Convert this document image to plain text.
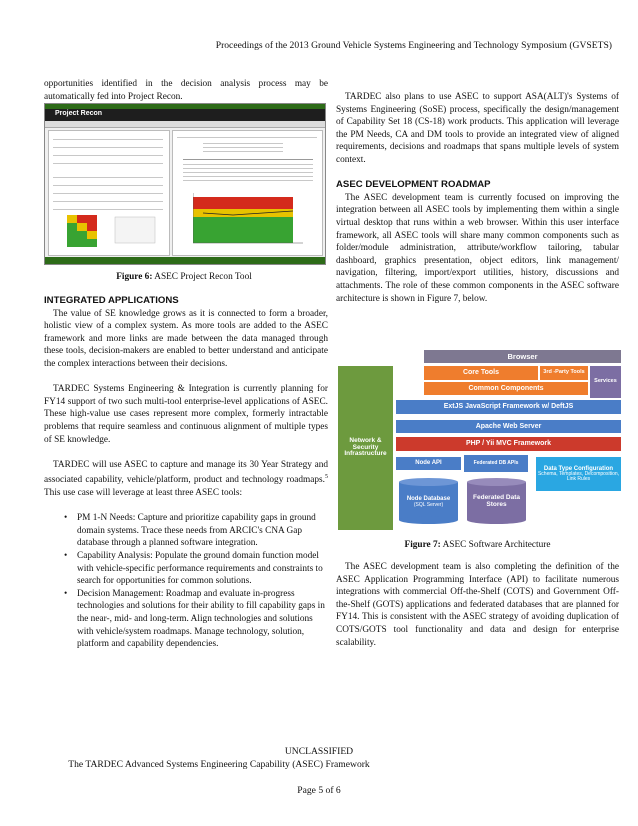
Proceedings of the 2013 Ground Vehicle Systems Engineering and Technology Symposium (GVSETS)

opportunities identified in the decision analysis process may be automatically fed into Project Recon.

Project Recon
Figure 6: ASEC Project Recon Tool

INTEGRATED APPLICATIONS

The value of SE knowledge grows as it is connected to form a broader, holistic view of a complex system. As more tools are added to the ASEC framework and more links are made between the data managed through these tools, decision-makers are enabled to better understand and anticipate the complex interactions between their decisions.

TARDEC Systems Engineering & Integration is currently planning for FY14 support of two such multi-tool enterprise-level applications of ASEC. These high-value use cases represent more complex, formerly intractable problems that require seamless and continuous alignment of multiple types of SE knowledge.

TARDEC will use ASEC to capture and manage its 30 Year Strategy and associated capability, vehicle/platform, product and technology roadmaps.$^5$ This use case will leverage at least three ASEC tools:

• PM 1-N Needs: Capture and prioritize capability gaps in ground domain systems. Trace these needs from ARCIC's CNA Gap database through a planned software integration.
• Capability Analysis: Populate the ground domain function model with vehicle-specific performance requirements and constraints to search for opportunities for common solutions.
• Decision Management: Roadmap and evaluate in-progress technologies and solutions for their ability to fill capability gaps in the near-, mid- and long-term. Align technologies and solutions with vehicle/system roadmaps. Manage technology, solution, platform and capability dependencies.

TARDEC also plans to use ASEC to support ASA(ALT)'s Systems of Systems Engineering (SoSE) process, specifically the design/management of Capability Set 18 (CS-18) work products. This application will leverage the PM Needs, CA and DM tools to provide an integrated view of aligned requirements, decisions and roadmaps that spans multiple levels of system context.

ASEC DEVELOPMENT ROADMAP

The ASEC development team is currently focused on improving the integration between all ASEC tools by implementing them within a single virtual desktop that runs within a web browser. Within this user interface framework, all ASEC tools will share many common components such as folder/module administration, attribute/workflow tailoring, tabular dashboard, graphics presentation, object editors, link management/ navigation, filtering, import/export utilities, history, discussions and attachments. The role of these common components in the ASEC software architecture is shown in Figure 7, below.

Browser
Network & Security Infrastructure
Core Tools	3rd -Party Tools
Services
Common Components
ExtJS JavaScript Framework w/ DeftJS
Apache Web Server
PHP / Yii MVC Framework
Node API	Federated DB APIs
Data Type Configuration
Schema, Templates, Decomposition, Link Rules
Node Database
(SQL Server)
Federated Data Stores
Figure 7: ASEC Software Architecture

The ASEC development team is also completing the definition of the ASEC Application Programming Interface (API) to facilitate numerous integrations with commercial Off-the-Shelf (COTS) and Government Off-the-Shelf (GOTS) applications and federated databases that are planned for FY14. This is consistent with the ASEC strategy of avoiding duplication of COTS/GOTS tool functionality and data and design for enterprise scalability.

UNCLASSIFIED
The TARDEC Advanced Systems Engineering Capability (ASEC) Framework
Page 5 of 6
